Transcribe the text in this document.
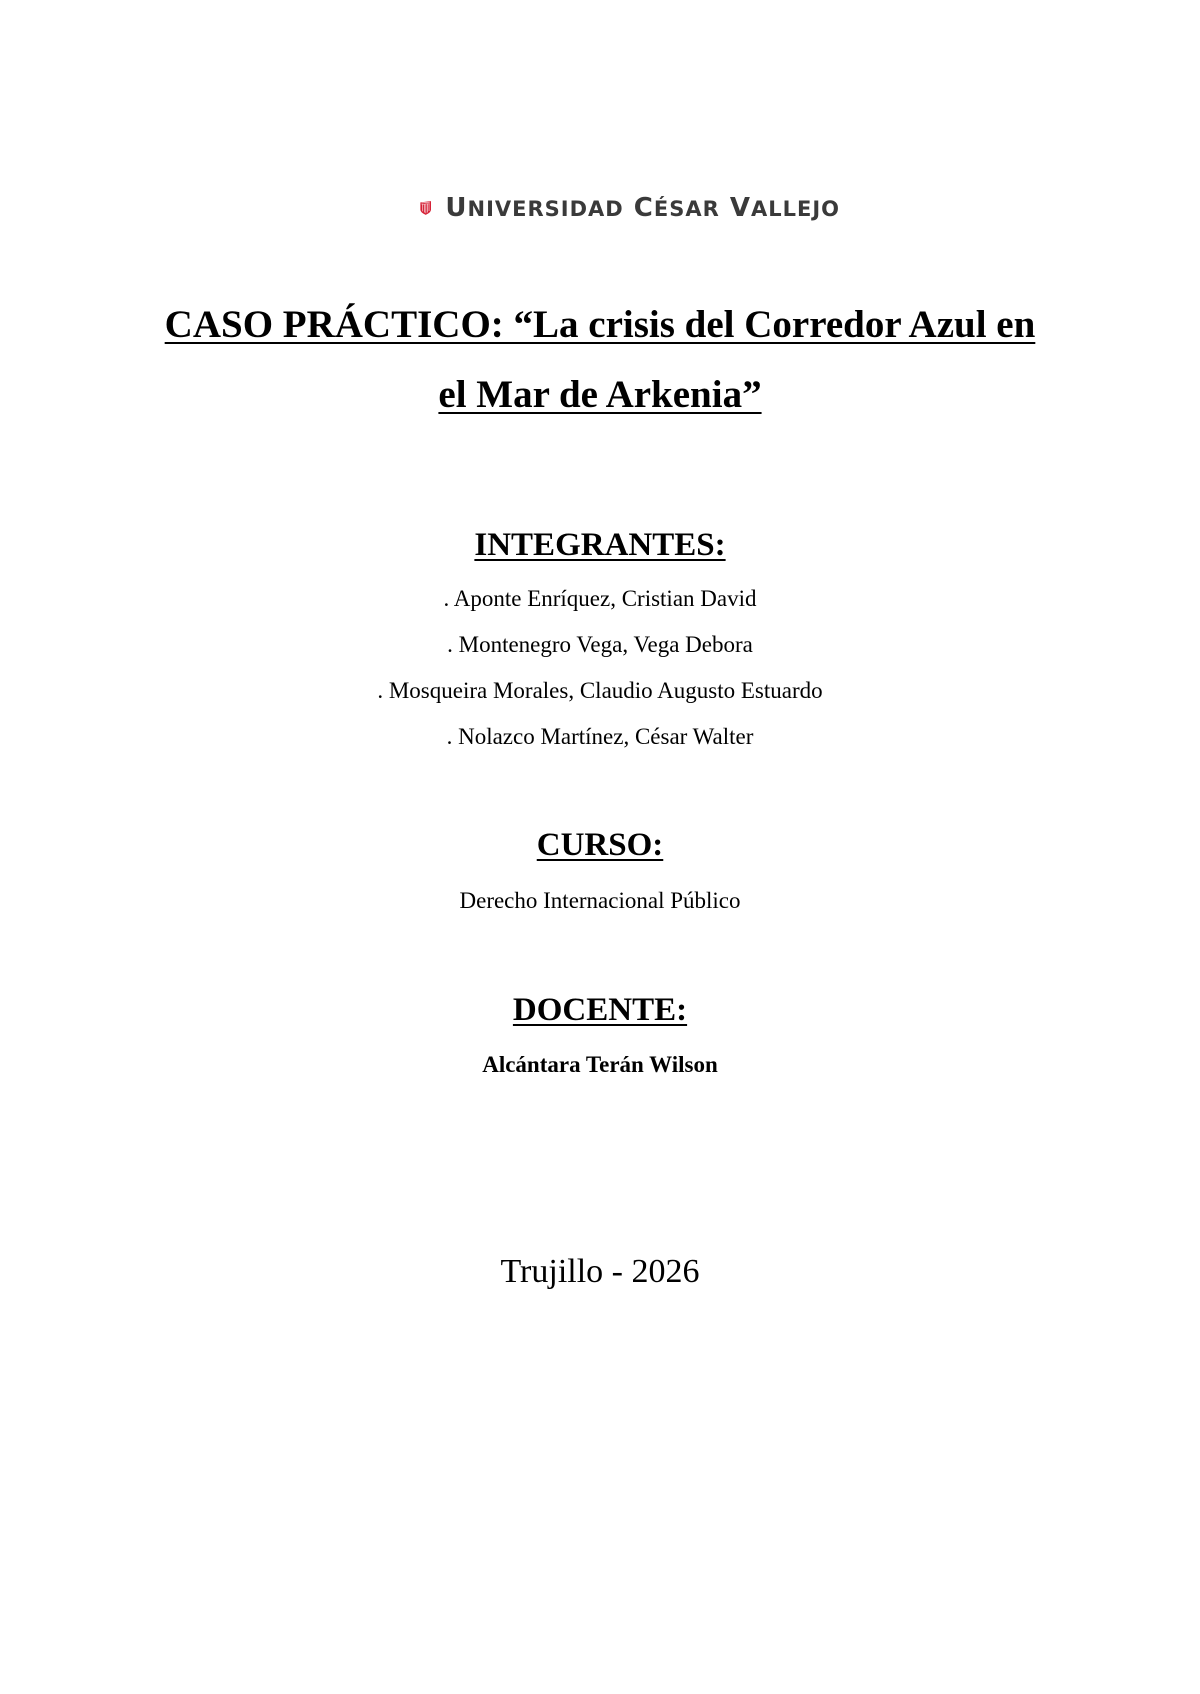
UNIVERSIDAD CÉSAR VALLEJO
CASO PRÁCTICO: “La crisis del Corredor Azul en
el Mar de Arkenia”
INTEGRANTES:
. Aponte Enríquez, Cristian David
. Montenegro Vega, Vega Debora
. Mosqueira Morales, Claudio Augusto Estuardo
. Nolazco Martínez, César Walter
CURSO:
Derecho Internacional Público
DOCENTE:
Alcántara Terán Wilson
Trujillo - 2026
